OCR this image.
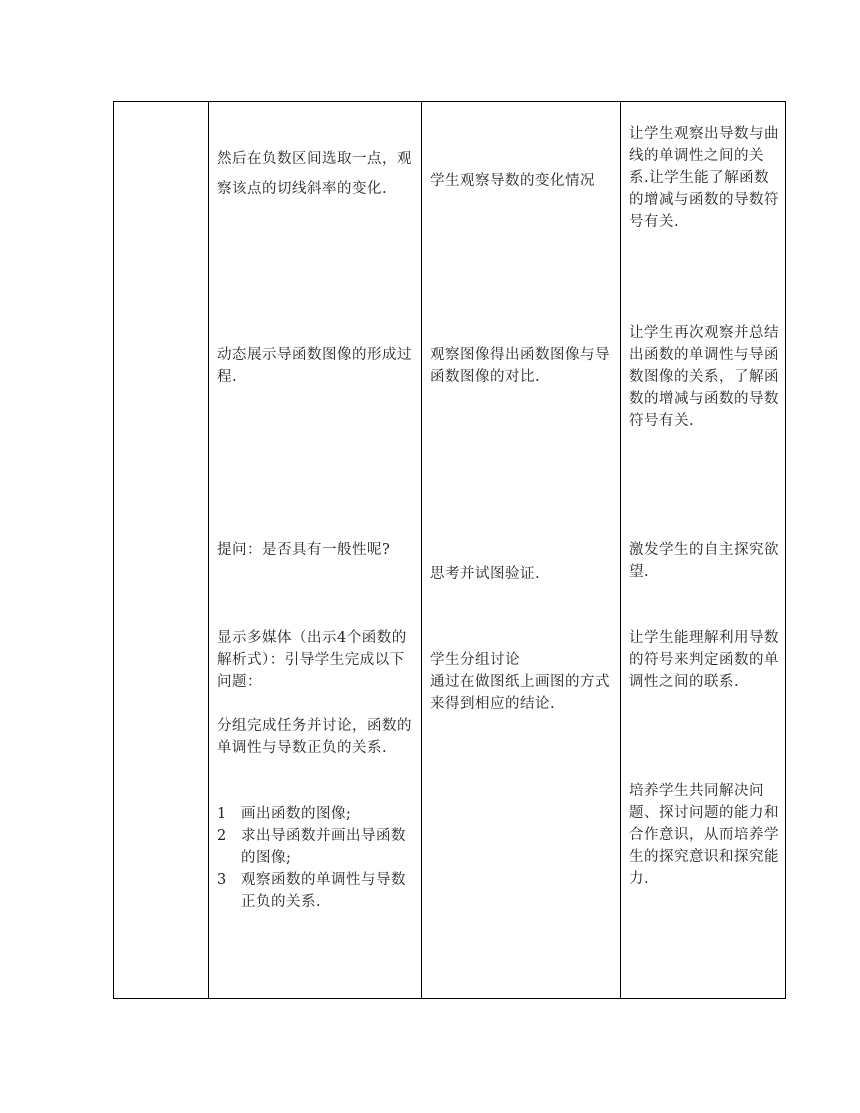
然后在负数区间选取一点，观察该点的切线斜率的变化.	学生观察导数的变化情况
让学生观察出导数与曲线的单调性之间的关系.让学生能了解函数的增减与函数的导数符号有关.
动态展示导函数图像的形成过程.
观察图像得出函数图像与导函数图像的对比.
让学生再次观察并总结出函数的单调性与导函数图像的关系，了解函数的增减与函数的导数符号有关.
提问：是否具有一般性呢?
思考并试图验证.
激发学生的自主探究欲望.
显示多媒体（出示4个函数的解析式）：引导学生完成以下问题：
分组完成任务并讨论，函数的单调性与导数正负的关系.
1 画出函数的图像;
2 求出导函数并画出导函数的图像;
3 观察函数的单调性与导数正负的关系.
学生分组讨论
通过在做图纸上画图的方式来得到相应的结论.
让学生能理解利用导数的符号来判定函数的单调性之间的联系.
培养学生共同解决问题、探讨问题的能力和合作意识，从而培养学生的探究意识和探究能力.
